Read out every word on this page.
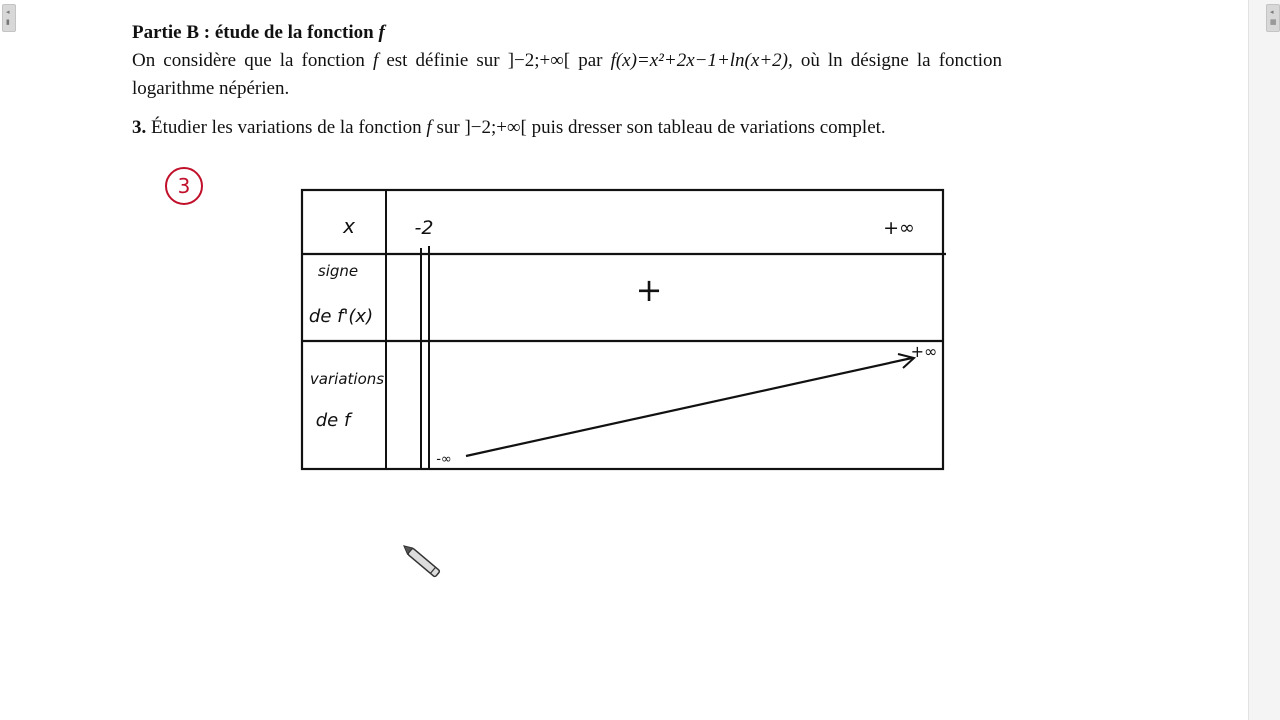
Partie B : étude de la fonction f
On considère que la fonction f est définie sur ]−2;+∞[ par f(x)=x²+2x−1+ln(x+2), où ln désigne la fonction logarithme népérien.
3. Étudier les variations de la fonction f sur ]−2;+∞[ puis dresser son tableau de variations complet.
3
x
signe
de f'(x)
variations
de f
-2	+∞
+
-∞
+∞
◂
▮
◂
▦
